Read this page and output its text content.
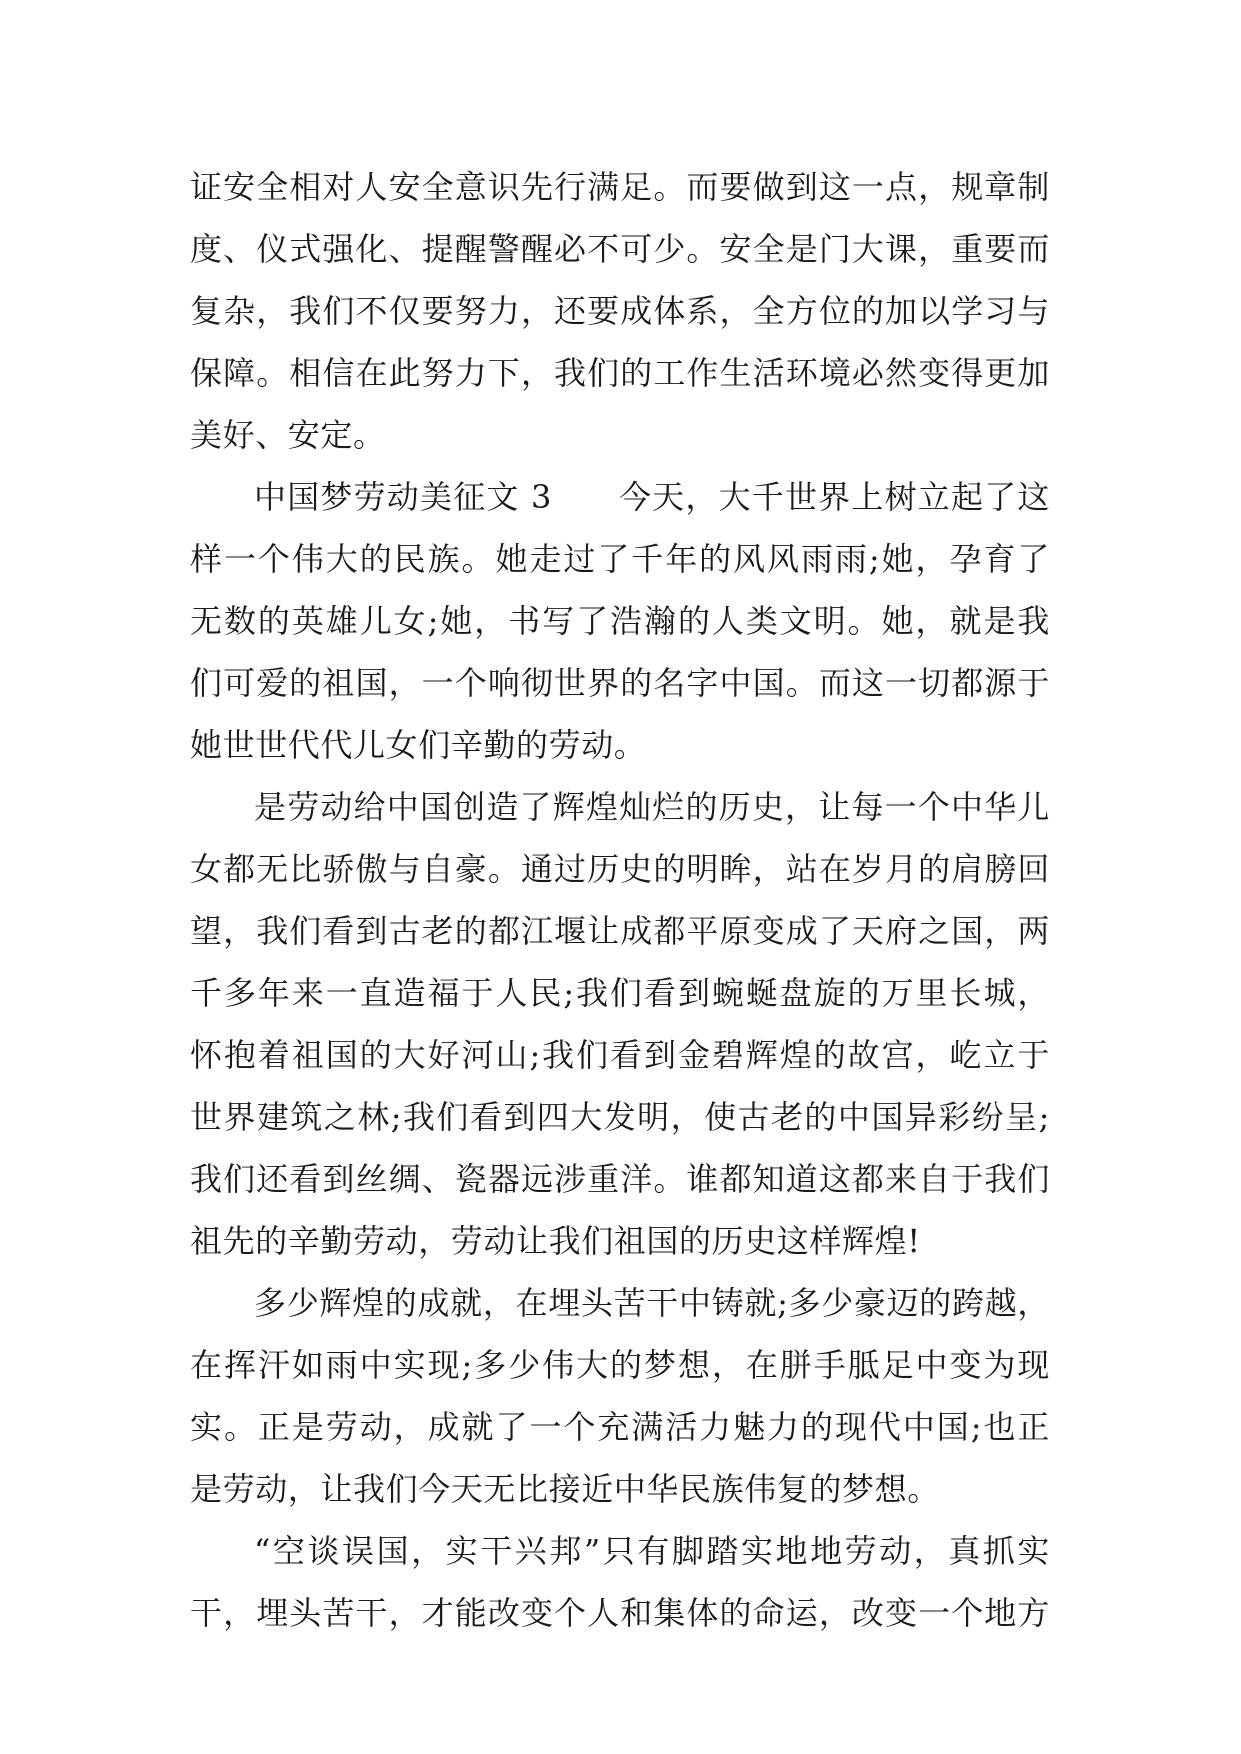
证安全相对人安全意识先行满足。而要做到这一点，规章制
度、仪式强化、提醒警醒必不可少。安全是门大课，重要而
复杂，我们不仅要努力，还要成体系，全方位的加以学习与
保障。相信在此努力下，我们的工作生活环境必然变得更加
美好、安定。
中国梦劳动美征文 3　　今天，大千世界上树立起了这
样一个伟大的民族。她走过了千年的风风雨雨;她，孕育了
无数的英雄儿女;她，书写了浩瀚的人类文明。她，就是我
们可爱的祖国，一个响彻世界的名字中国。而这一切都源于
她世世代代儿女们辛勤的劳动。
是劳动给中国创造了辉煌灿烂的历史，让每一个中华儿
女都无比骄傲与自豪。通过历史的明眸，站在岁月的肩膀回
望，我们看到古老的都江堰让成都平原变成了天府之国，两
千多年来一直造福于人民;我们看到蜿蜒盘旋的万里长城，
怀抱着祖国的大好河山;我们看到金碧辉煌的故宫，屹立于
世界建筑之林;我们看到四大发明，使古老的中国异彩纷呈;
我们还看到丝绸、瓷器远涉重洋。谁都知道这都来自于我们
祖先的辛勤劳动，劳动让我们祖国的历史这样辉煌!
多少辉煌的成就，在埋头苦干中铸就;多少豪迈的跨越，
在挥汗如雨中实现;多少伟大的梦想，在胼手胝足中变为现
实。正是劳动，成就了一个充满活力魅力的现代中国;也正
是劳动，让我们今天无比接近中华民族伟复的梦想。
“空谈误国，实干兴邦”只有脚踏实地地劳动，真抓实
干，埋头苦干，才能改变个人和集体的命运，改变一个地方
